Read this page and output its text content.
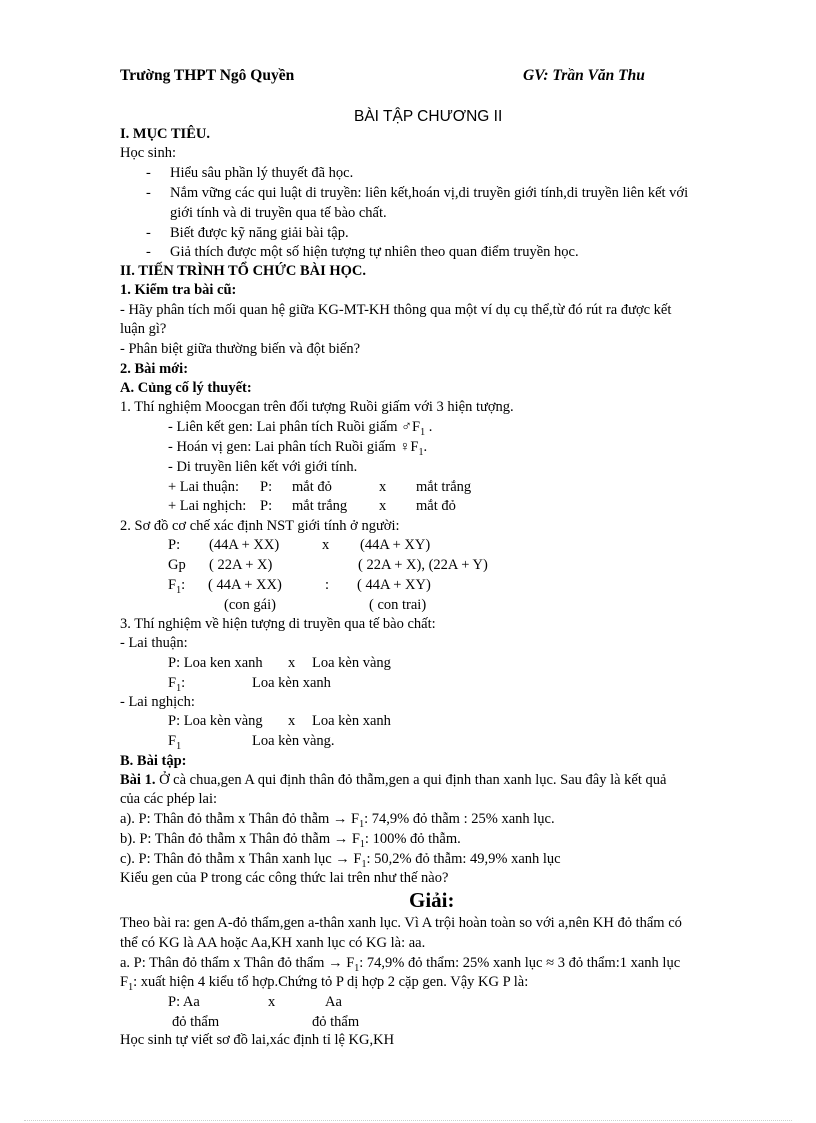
Trường THPT Ngô Quyền	GV: Trần Văn Thu
BÀI TẬP CHƯƠNG II
I. MỤC TIÊU.
Học sinh:
- Hiểu sâu phần lý thuyết đã học.
- Nắm vững các qui luật di truyền: liên kết,hoán vị,di truyền giới tính,di truyền liên kết với
giới tính và di truyền qua tế bào chất.
- Biết được kỹ năng giải bài tập.
- Giả thích được một số hiện tượng tự nhiên theo quan điểm truyền học.
II. TIẾN TRÌNH TỔ CHỨC BÀI HỌC.
1. Kiểm tra bài cũ:
- Hãy phân tích mối quan hệ giữa KG-MT-KH thông qua một ví dụ cụ thể,từ đó rút ra được kết
luận gì?
- Phân biệt giữa thường biến và đột biến?
2. Bài mới:
A. Củng cố lý thuyết:
1. Thí nghiệm Moocgan trên đối tượng Ruồi giấm với 3 hiện tượng.
- Liên kết gen: Lai phân tích Ruồi giấm $♂F_1$ .
- Hoán vị gen: Lai phân tích Ruồi giấm $♀F_1$.
- Di truyền liên kết với giới tính.
+ Lai thuận: P: mắt đỏ	x mắt trắng
+ Lai nghịch: P: mắt trắng x mắt đỏ
2. Sơ đồ cơ chế xác định NST giới tính ở người:
P: (44A + XX)	x (44A + XY)
Gp ( 22A + X)	( 22A + X), (22A + Y)
$F_1$: ( 44A + XX)	: ( 44A + XY)
(con gái)	( con trai)
3. Thí nghiệm về hiện tượng di truyền qua tế bào chất:
- Lai thuận:
P: Loa ken xanh x Loa kèn vàng
$F_1$:	Loa kèn xanh
- Lai nghịch:
P: Loa kèn vàng x Loa kèn xanh
$F_1$	Loa kèn vàng.
B. Bài tập:
Bài 1. Ở cà chua,gen A qui định thân đỏ thẫm,gen a qui định than xanh lục. Sau đây là kết quả
của các phép lai:
a). P: Thân đỏ thẫm x Thân đỏ thẫm → $F_1$: 74,9% đỏ thẫm : 25% xanh lục.
b). P: Thân đỏ thẫm x Thân đỏ thẫm → $F_1$: 100% đỏ thẫm.
c). P: Thân đỏ thẫm x Thân xanh lục → $F_1$: 50,2% đỏ thẫm: 49,9% xanh lục
Kiểu gen của P trong các công thức lai trên như thế nào?
Giải:
Theo bài ra: gen A-đỏ thẩm,gen a-thân xanh lục. Vì A trội hoàn toàn so với a,nên KH đỏ thẩm có
thể có KG là AA hoặc Aa,KH xanh lục có KG là: aa.
a. P: Thân đỏ thẩm x Thân đỏ thẩm → $F_1$: 74,9% đỏ thẩm: 25% xanh lục ≈ 3 đỏ thẩm:1 xanh lục
$F_1$: xuất hiện 4 kiểu tổ hợp.Chứng tỏ P dị hợp 2 cặp gen. Vậy KG P là:
P: Aa	x	Aa
đỏ thẩm	đỏ thẩm
Học sinh tự viết sơ đồ lai,xác định tỉ lệ KG,KH
